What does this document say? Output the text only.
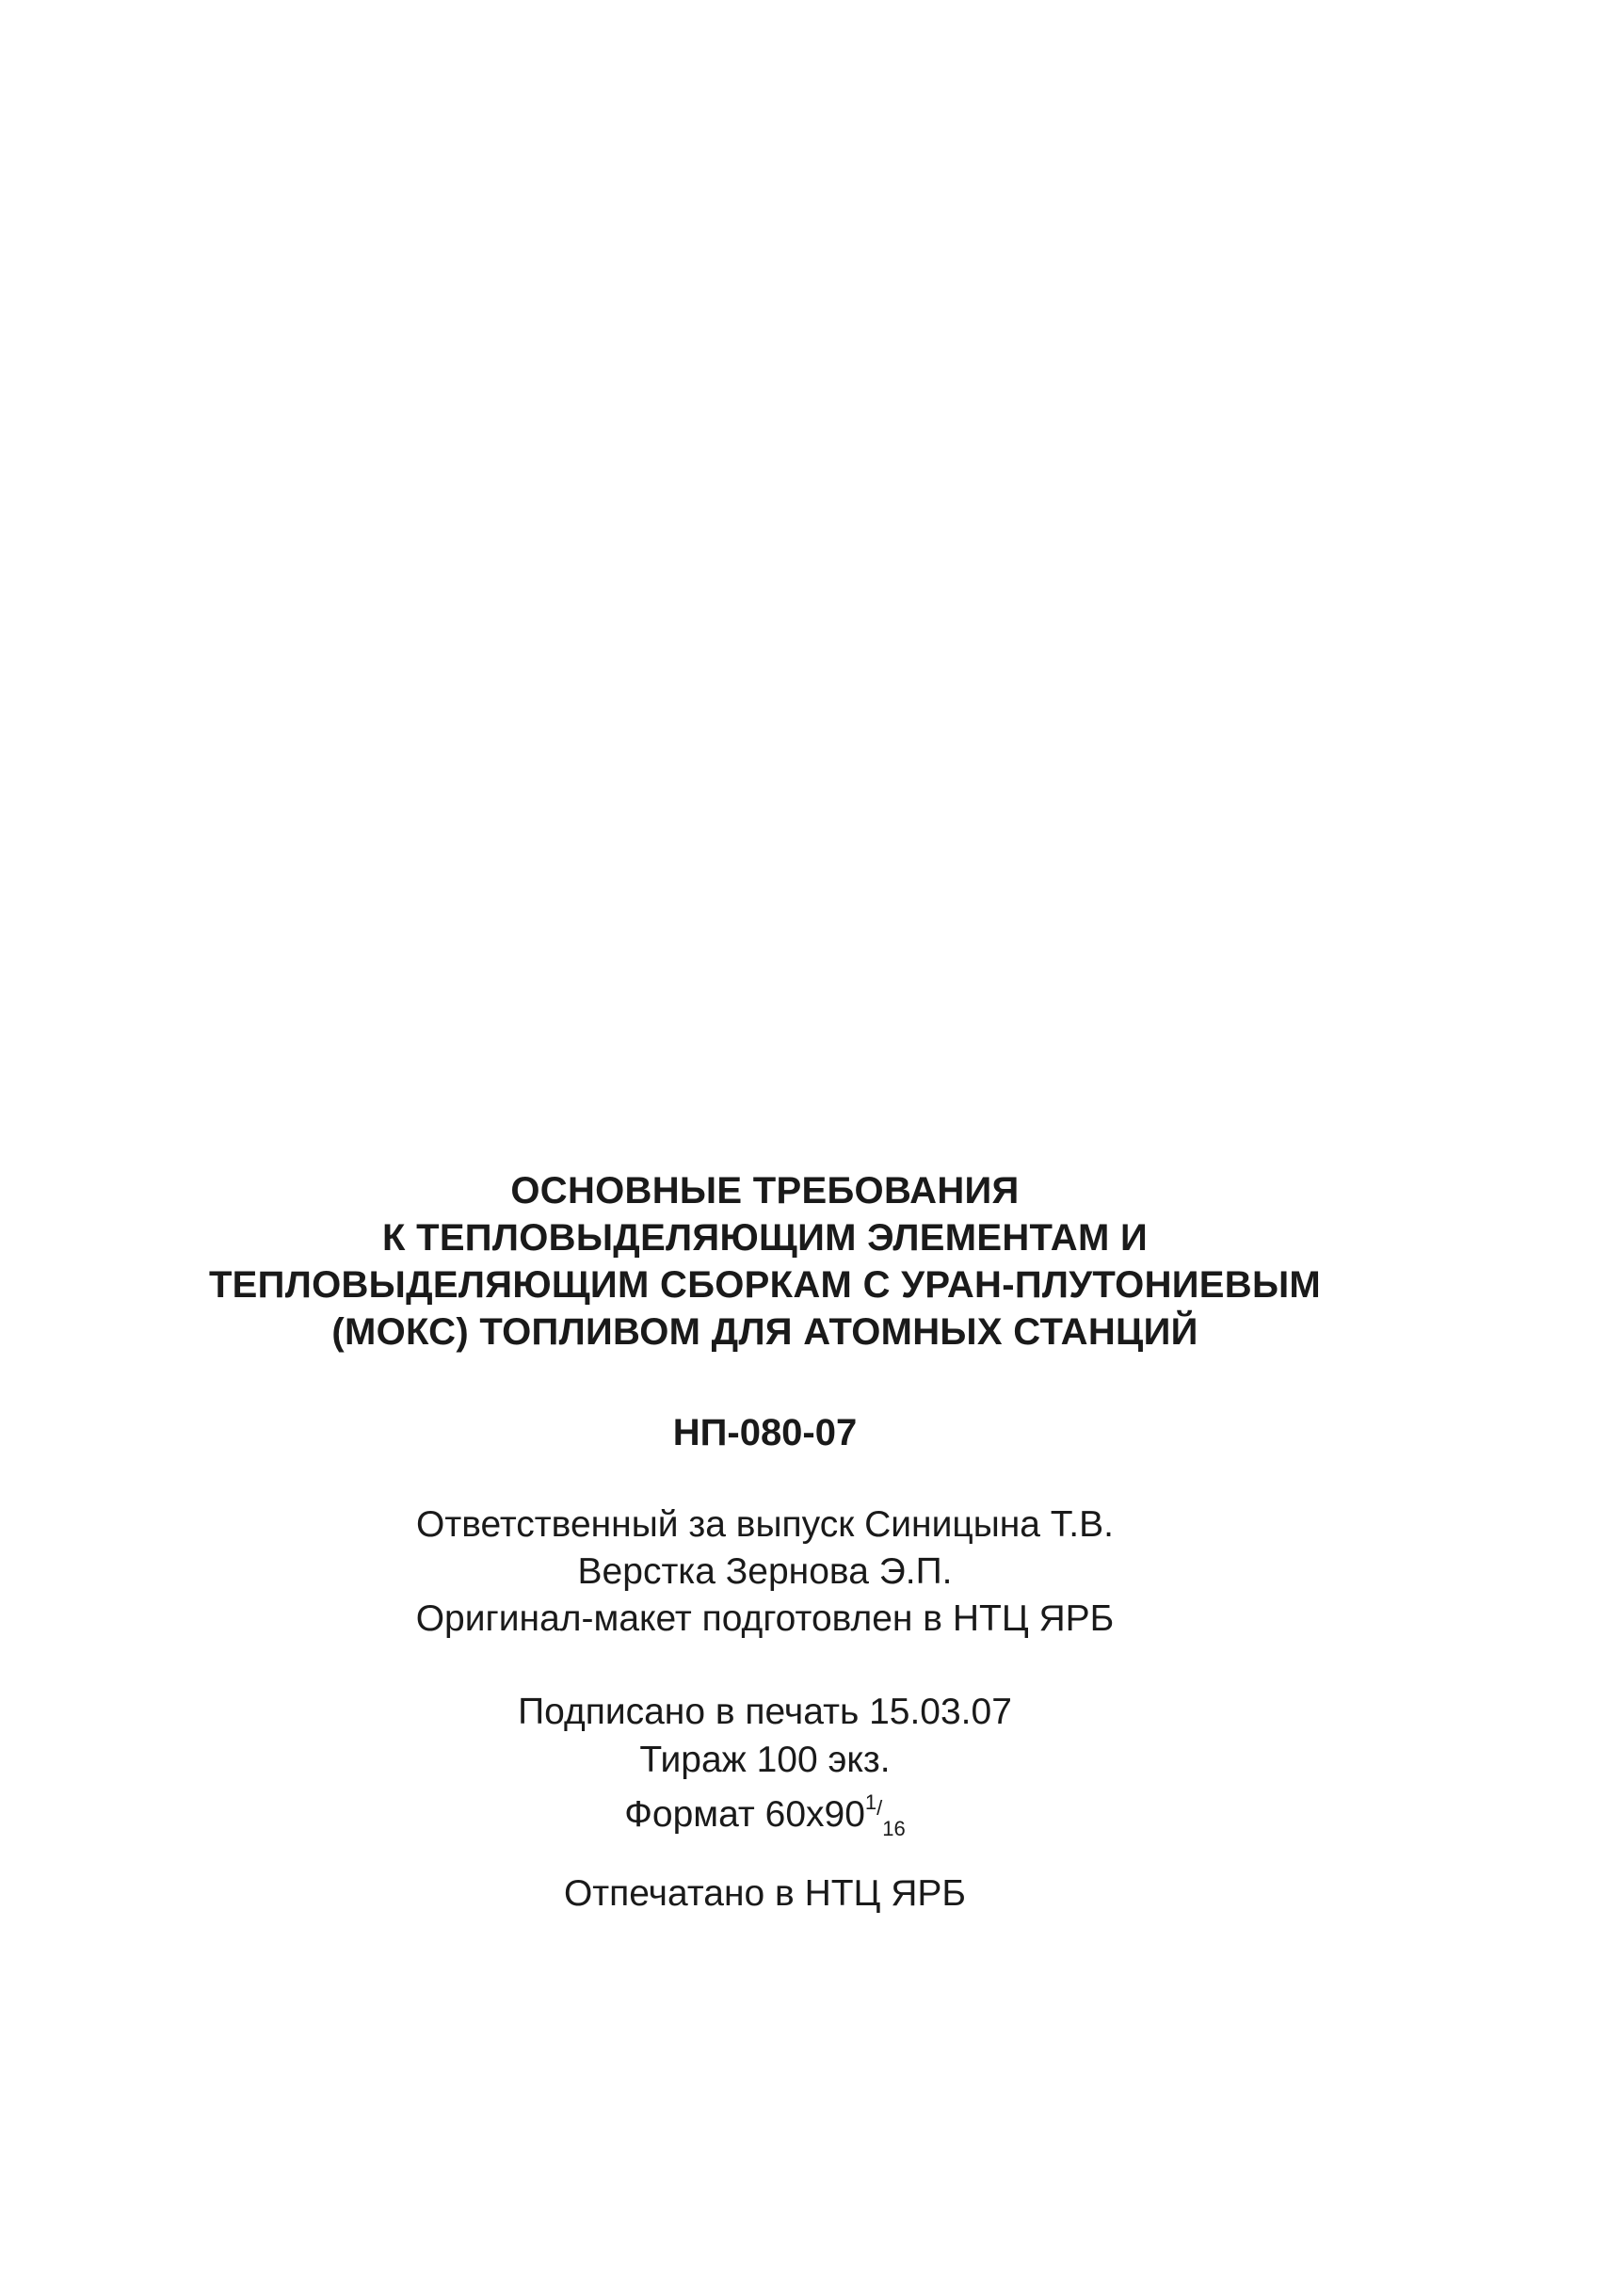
ОСНОВНЫЕ ТРЕБОВАНИЯ
К ТЕПЛОВЫДЕЛЯЮЩИМ ЭЛЕМЕНТАМ И
ТЕПЛОВЫДЕЛЯЮЩИМ СБОРКАМ С УРАН-ПЛУТОНИЕВЫМ
(МОКС) ТОПЛИВОМ ДЛЯ АТОМНЫХ СТАНЦИЙ
НП-080-07
Ответственный за выпуск Синицына Т.В.
Верстка Зернова Э.П.
Оригинал-макет подготовлен в НТЦ ЯРБ
Подписано в печать 15.03.07
Тираж 100 экз.
Формат $60х90^{1/}_{16}$
Отпечатано в НТЦ ЯРБ
